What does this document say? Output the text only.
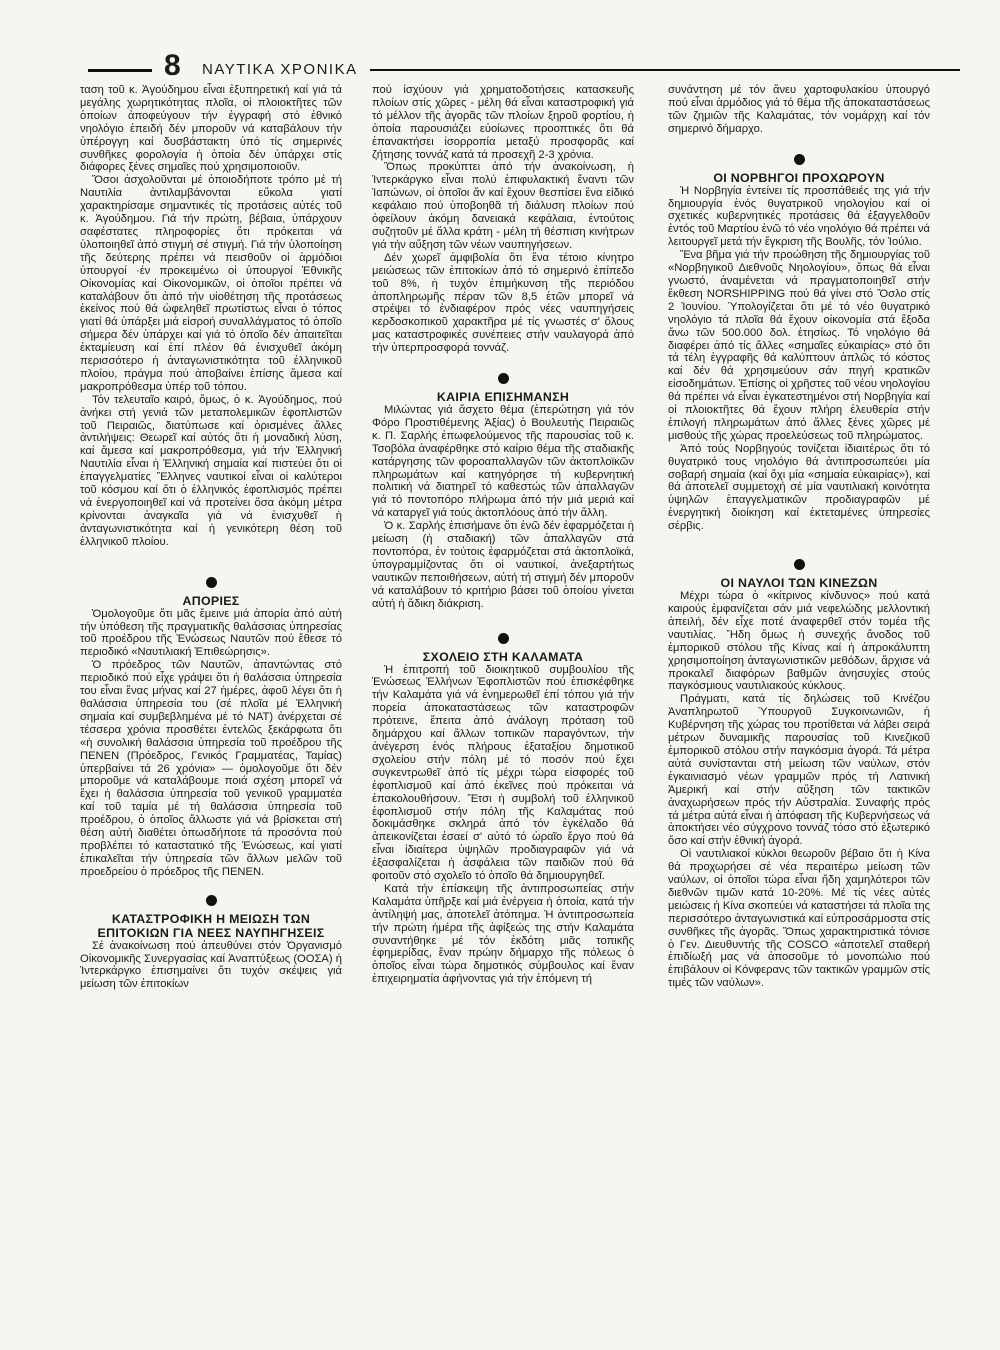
8 ΝΑΥΤΙΚΑ ΧΡΟΝΙΚΑ

ταση τοῦ κ. Ἀγούδημου εἶναι ἐξυπηρετική καί γιά τά μεγάλης χωρητικότητας πλοῖα, οἱ πλοιοκτῆτες τῶν ὁποίων ἀποφεύγουν τήν ἐγγραφή στό ἐθνικό νηολόγιο ἐπειδή δέν μποροῦν νά καταβάλουν τήν ὑπέρογγη καί δυσβάστακτη ὑπό τίς σημερινές συνθῆκες φορολογία ἡ ὁποία δέν ὑπάρχει στίς διάφορες ξένες σημαῖες πού χρησιμοποιοῦν.

Ὅσοι ἀσχολοῦνται μέ ὁποιοδήποτε τρόπο μέ τή Ναυτιλία ἀντιλαμβάνονται εὔκολα γιατί χαρακτηρίσαμε σημαντικές τίς προτάσεις αὐτές τοῦ κ. Ἀγούδημου. Γιά τήν πρώτη, βέβαια, ὑπάρχουν σαφέστατες πληροφορίες ὅτι πρόκειται νά ὑλοποιηθεῖ ἀπό στιγμή σέ στιγμή. Γιά τήν ὑλοποίηση τῆς δεύτερης πρέπει νά πεισθοῦν οἱ ἁρμόδιοι ὑπουργοί ·έν προκειμένω οἱ ὑπουργοί Ἐθνικῆς Οἰκονομίας καί Οἰκονομικῶν, οἱ ὁποῖοι πρέπει νά καταλάβουν ὅτι ἀπό τήν υἱοθέτηση τῆς προτάσεως ἐκείνος πού θά ὠφεληθεῖ πρωτίστως εἶναι ὁ τόπος γιατί θά ὑπάρξει μιά εἰσροή συναλλάγματος τό ὁποῖο σήμερα δέν ὑπάρχει καί γιά τό ὁποῖο δέν ἀπαιτεῖται ἐκταμίευση καί ἐπί πλέον θά ἐνισχυθεῖ ἀκόμη περισσότερο ἡ ἀνταγωνιστικότητα τοῦ ἑλληνικοῦ πλοίου, πράγμα πού ἀποβαίνει ἐπίσης ἄμεσα καί μακροπρόθεσμα ὑπέρ τοῦ τόπου.

Τόν τελευταῖο καιρό, ὅμως, ὁ κ. Ἀγούδημος, πού ἀνήκει στή γενιά τῶν μεταπολεμικῶν ἐφοπλιστῶν τοῦ Πειραιῶς, διατύπωσε καί ὁρισμένες ἄλλες ἀντιλήψεις: Θεωρεῖ καί αὐτός ὅτι ἡ μοναδική λύση, καί ἄμεσα καί μακροπρόθεσμα, γιά τήν Ἑλληνική Ναυτιλία εἶναι ἡ Ἑλληνική σημαία καί πιστεύει ὅτι οἱ ἐπαγγελματίες Ἕλληνες ναυτικοί εἶναι οἱ καλύτεροι τοῦ κόσμου καί ὅτι ὁ ἑλληνικός ἐφοπλισμός πρέπει νά ἐνεργοποιηθεῖ καί νά προτείνει ὅσα ἀκόμη μέτρα κρίνονται ἀναγκαῖα γιά νά ἐνισχυθεῖ ἡ ἀνταγωνιστικότητα καί ἡ γενικότερη θέση τοῦ ἑλληνικοῦ πλοίου.

ΑΠΟΡΙΕΣ

Ὁμολογοῦμε ὅτι μᾶς ἔμεινε μιά ἀπορία ἀπό αὐτή τήν ὑπόθεση τῆς πραγματικῆς θαλάσσιας ὑπηρεσίας τοῦ προέδρου τῆς Ἑνώσεως Ναυτῶν πού ἔθεσε τό περιοδικό «Ναυτιλιακή Ἐπιθεώρησις».

Ὁ πρόεδρος τῶν Ναυτῶν, ἀπαντώντας στό περιοδικό πού εἶχε γράψει ὅτι ἡ θαλάσσια ὑπηρεσία του εἶναι ἕνας μήνας καί 27 ἡμέρες, ἀφοῦ λέγει ὅτι ἡ θαλάσσια ὑπηρεσία του (σέ πλοῖα μέ Ἑλληνική σημαία καί συμβεβλημένα μέ τό ΝΑΤ) ἀνέρχεται σέ τέσσερα χρόνια προσθέτει ἐντελῶς ξεκάρφωτα ὅτι «ἡ συνολική θαλάσσια ὑπηρεσία τοῦ προέδρου τῆς ΠΕΝΕΝ (Πρόεδρος, Γενικός Γραμματέας, Ταμίας) ὑπερβαίνει τά 26 χρόνια» — ὁμολογοῦμε ὅτι δέν μποροῦμε νά καταλάβουμε ποιά σχέση μπορεῖ νά ἔχει ἡ θαλάσσια ὑπηρεσία τοῦ γενικοῦ γραμματέα καί τοῦ ταμία μέ τή θαλάσσια ὑπηρεσία τοῦ προέδρου, ὁ ὁποῖος ἄλλωστε γιά νά βρίσκεται στή θέση αὐτή διαθέτει ὁπωσδήποτε τά προσόντα πού προβλέπει τό καταστατικό τῆς Ἑνώσεως, καί γιατί ἐπικαλεῖται τήν ὑπηρεσία τῶν ἄλλων μελῶν τοῦ προεδρείου ὁ πρόεδρος τῆς ΠΕΝΕΝ.

ΚΑΤΑΣΤΡΟΦΙΚΗ Η ΜΕΙΩΣΗ ΤΩΝ ΕΠΙΤΟΚΙΩΝ ΓΙΑ ΝΕΕΣ ΝΑΥΠΗΓΗΣΕΙΣ

Σέ ἀνακοίνωση πού ἀπευθύνει στόν Ὀργανισμό Οἰκονομικῆς Συνεργασίας καί Ἀναπτύξεως (ΟΟΣΑ) ἡ Ἰντερκάργκο ἐπισημαίνει ὅτι τυχόν σκέψεις γιά μείωση τῶν ἐπιτοκίων

πού ἰσχύουν γιά χρηματοδοτήσεις κατασκευῆς πλοίων στίς χῶρες - μέλη θά εἶναι καταστροφική γιά τό μέλλον τῆς ἀγορᾶς τῶν πλοίων ξηροῦ φορτίου, ἡ ὁποία παρουσιάζει εὐοίωνες προοπτικές ὅτι θά ἐπανακτήσει ἰσορροπία μεταξύ προσφορᾶς καί ζήτησης τοννάζ κατά τά προσεχῆ 2-3 χρόνια.

Ὅπως προκύπτει ἀπό τήν ἀνακοίνωση, ἡ Ἰντερκάργκο εἶναι πολύ ἐπιφυλακτική ἔναντι τῶν Ἰαπώνων, οἱ ὁποῖοι ἄν καί ἔχουν θεσπίσει ἕνα εἰδικό κεφάλαιο πού ὑποβοηθᾶ τή διάλυση πλοίων πού ὀφείλουν ἀκόμη δανειακά κεφάλαια, ἐντούτοις συζητοῦν μέ ἄλλα κράτη - μέλη τή θέσπιση κινήτρων γιά τήν αὔξηση τῶν νέων ναυπηγήσεων.

Δέν χωρεῖ ἀμφιβολία ὅτι ἕνα τέτοιο κίνητρο μειώσεως τῶν ἐπιτοκίων ἀπό τό σημερινό ἐπίπεδο τοῦ 8%, ἡ τυχόν ἐπιμήκυνση τῆς περιόδου ἀποπληρωμῆς πέραν τῶν 8,5 ἐτῶν μπορεῖ νά στρέψει τό ἐνδιαφέρον πρός νέες ναυπηγήσεις κερδοσκοπικοῦ χαρακτῆρα μέ τίς γνωστές σ' ὅλους μας καταστροφικές συνέπειες στήν ναυλαγορά ἀπό τήν ὑπερπροσφορά τοννάζ.

ΚΑΙΡΙΑ ΕΠΙΣΗΜΑΝΣΗ

Μιλώντας γιά ἄσχετο θέμα (ἐπερώτηση γιά τόν Φόρο Προστιθέμενης Ἀξίας) ὁ Βουλευτής Πειραιῶς κ. Π. Σαρλής ἐπωφελούμενος τῆς παρουσίας τοῦ κ. Τσοβόλα ἀναφέρθηκε στό καίριο θέμα τῆς σταδιακῆς κατάργησης τῶν φοροαπαλλαγῶν τῶν ἀκτοπλοϊκῶν πληρωμάτων καί κατηγόρησε τή κυβερνητική πολιτική νά διατηρεῖ τό καθεστώς τῶν ἀπαλλαγῶν γιά τό ποντοπόρο πλήρωμα ἀπό τήν μιά μεριά καί νά καταργεῖ γιά τούς ἀκτοπλόους ἀπό τήν ἄλλη.

Ὁ κ. Σαρλής ἐπισήμανε ὅτι ἐνῶ δέν ἐφαρμόζεται ἡ μείωση (ἡ σταδιακή) τῶν ἀπαλλαγῶν στά ποντοπόρα, ἐν τούτοις ἐφαρμόζεται στά ἀκτοπλοϊκά, ὑπογραμμίζοντας ὅτι οἱ ναυτικοί, ἀνεξαρτήτως ναυτικῶν πεποιθήσεων, αὐτή τή στιγμή δέν μποροῦν νά καταλάβουν τό κριτήριο βάσει τοῦ ὁποίου γίνεται αὐτή ἡ ἄδικη διάκριση.

ΣΧΟΛΕΙΟ ΣΤΗ ΚΑΛΑΜΑΤΑ

Ἡ ἐπιτροπή τοῦ διοικητικοῦ συμβουλίου τῆς Ἑνώσεως Ἑλλήνων Ἐφοπλιστῶν πού ἐπισκέφθηκε τήν Καλαμάτα γιά νά ἐνημερωθεῖ ἐπί τόπου γιά τήν πορεία ἀποκαταστάσεως τῶν καταστροφῶν πρότεινε, ἔπειτα ἀπό ἀνάλογη πρόταση τοῦ δημάρχου καί ἄλλων τοπικῶν παραγόντων, τήν ἀνέγερση ἑνός πλήρους ἑξαταξίου δημοτικοῦ σχολείου στήν πόλη μέ τό ποσόν πού ἔχει συγκεντρωθεῖ ἀπό τίς μέχρι τώρα εἰσφορές τοῦ ἐφοπλισμοῦ καί ἀπό ἐκεῖνες πού πρόκειται νά ἐπακολουθήσουν. Ἔτσι ἡ συμβολή τοῦ ἑλληνικοῦ ἐφοπλισμοῦ στήν πόλη τῆς Καλαμάτας πού δοκιμάσθηκε σκληρά ἀπό τόν ἐγκέλαδο θά ἀπεικονίζεται ἐσαεί σ' αὐτό τό ὡραῖο ἔργο πού θά εἶναι ἰδιαίτερα ὑψηλῶν προδιαγραφῶν γιά νά ἐξασφαλίζεται ἡ ἀσφάλεια τῶν παιδιῶν πού θά φοιτοῦν στό σχολεῖο τό ὁποῖο θά δημιουργηθεῖ.

Κατά τήν ἐπίσκεψη τῆς ἀντιπροσωπείας στήν Καλαμάτα ὑπῆρξε καί μιά ἐνέργεια ἡ ὁποία, κατά τήν ἀντίληψή μας, ἀποτελεῖ ἀτόπημα. Ἡ ἀντιπροσωπεία τήν πρώτη ἡμέρα τῆς ἀφίξεώς της στήν Καλαμάτα συναντήθηκε μέ τόν ἐκδότη μιᾶς τοπικῆς ἐφημερίδας, ἕναν πρώην δήμαρχο τῆς πόλεως ὁ ὁποῖος εἶναι τώρα δημοτικός σύμβουλος καί ἕναν ἐπιχειρηματία ἀφήνοντας γιά τήν ἑπόμενη τή

συνάντηση μέ τόν ἄνευ χαρτοφυλακίου ὑπουργό πού εἶναι ἁρμόδιος γιά τό θέμα τῆς ἀποκαταστάσεως τῶν ζημιῶν τῆς Καλαμάτας, τόν νομάρχη καί τόν σημερινό δήμαρχο.

ΟΙ ΝΟΡΒΗΓΟΙ ΠΡΟΧΩΡΟΥΝ

Ἡ Νορβηγία ἐντείνει τίς προσπάθειές της γιά τήν δημιουργία ἑνός θυγατρικοῦ νηολογίου καί οἱ σχετικές κυβερνητικές προτάσεις θά ἐξαγγελθοῦν ἐντός τοῦ Μαρτίου ἐνῶ τό νέο νηολόγιο θά πρέπει νά λειτουργεῖ μετά τήν ἔγκριση τῆς Βουλῆς, τόν Ἰούλιο.

Ἕνα βῆμα γιά τήν προώθηση τῆς δημιουργίας τοῦ «Νορβηγικοῦ Διεθνοῦς Νηολογίου», ὅπως θά εἶναι γνωστό, ἀναμένεται νά πραγματοποιηθεῖ στήν ἔκθεση NORSHIPPING πού θά γίνει στό Ὄσλο στίς 2 Ἰουνίου. Ὑπολογίζεται ὅτι μέ τό νέο θυγατρικό νηολόγιο τά πλοῖα θά ἔχουν οἰκονομία στά ἔξοδα ἄνω τῶν 500.000 δολ. ἐτησίως. Τό νηολόγιο θά διαφέρει ἀπό τίς ἄλλες «σημαῖες εὐκαιρίας» στό ὅτι τά τέλη ἐγγραφῆς θά καλύπτουν ἁπλῶς τό κόστος καί δέν θά χρησιμεύουν σάν πηγή κρατικῶν εἰσοδημάτων. Ἐπίσης οἱ χρῆστες τοῦ νέου νηολογίου θά πρέπει νά εἶναι ἐγκατεστημένοι στή Νορβηγία καί οἱ πλοιοκτῆτες θά ἔχουν πλήρη ἐλευθερία στήν ἐπιλογή πληρωμάτων ἀπό ἄλλες ξένες χῶρες μέ μισθούς τῆς χώρας προελεύσεως τοῦ πληρώματος.

Ἀπό τούς Νορβηγούς τονίζεται ἰδιαιτέρως ὅτι τό θυγατρικό τους νηολόγιο θά ἀντιπροσωπεύει μία σοβαρή σημαία (καί ὄχι μία «σημαία εὐκαιρίας»), καί θά ἀποτελεῖ συμμετοχή σέ μία ναυτιλιακή κοινότητα ὑψηλῶν ἐπαγγελματικῶν προδιαγραφῶν μέ ἐνεργητική διοίκηση καί ἐκτεταμένες ὑπηρεσίες σέρβις.

ΟΙ ΝΑΥΛΟΙ ΤΩΝ ΚΙΝΕΖΩΝ

Μέχρι τώρα ὁ «κίτρινος κίνδυνος» πού κατά καιρούς ἐμφανίζεται σάν μιά νεφελώδης μελλοντική ἀπειλή, δέν εἶχε ποτέ ἀναφερθεῖ στόν τομέα τῆς ναυτιλίας. Ἤδη ὅμως ἡ συνεχής ἄνοδος τοῦ ἐμπορικοῦ στόλου τῆς Κίνας καί ἡ ἀπροκάλυπτη χρησιμοποίηση ἀνταγωνιστικῶν μεθόδων, ἄρχισε νά προκαλεῖ διαφόρων βαθμῶν ἀνησυχίες στούς παγκόσμιους ναυτιλιακούς κύκλους.

Πράγματι, κατά τίς δηλώσεις τοῦ Κινέζου Ἀναπληρωτοῦ Ὑπουργοῦ Συγκοινωνιῶν, ἡ Κυβέρνηση τῆς χώρας του προτίθεται νά λάβει σειρά μέτρων δυναμικῆς παρουσίας τοῦ Κινεζικοῦ ἐμπορικοῦ στόλου στήν παγκόσμια ἀγορά. Τά μέτρα αὐτά συνίστανται στή μείωση τῶν ναύλων, στόν ἐγκαινιασμό νέων γραμμῶν πρός τή Λατινική Ἀμερική καί στήν αὔξηση τῶν τακτικῶν ἀναχωρήσεων πρός τήν Αὐστραλία. Συναφής πρός τά μέτρα αὐτά εἶναι ἡ ἀπόφαση τῆς Κυβερνήσεως νά ἀποκτήσει νέο σύγχρονο τοννάζ τόσο στό ἐξωτερικό ὅσο καί στήν ἐθνική ἀγορά.

Οἱ ναυτιλιακοί κύκλοι θεωροῦν βέβαιο ὅτι ἡ Κίνα θά προχωρήσει σέ νέα περαιτέρω μείωση τῶν ναύλων, οἱ ὁποῖοι τώρα εἶναι ἤδη χαμηλότεροι τῶν διεθνῶν τιμῶν κατά 10-20%. Μέ τίς νέες αὐτές μειώσεις ἡ Κίνα σκοπεύει νά καταστήσει τά πλοῖα της περισσότερο ἀνταγωνιστικά καί εὐπροσάρμοστα στίς συνθῆκες τῆς ἀγορᾶς. Ὅπως χαρακτηριστικά τόνισε ὁ Γεν. Διευθυντής τῆς COSCO «ἀποτελεῖ σταθερή ἐπιδίωξή μας νά ἀποσοῦμε τό μονοπώλιο πού ἐπιβάλουν οἱ Κόνφερανς τῶν τακτικῶν γραμμῶν στίς τιμές τῶν ναύλων».
